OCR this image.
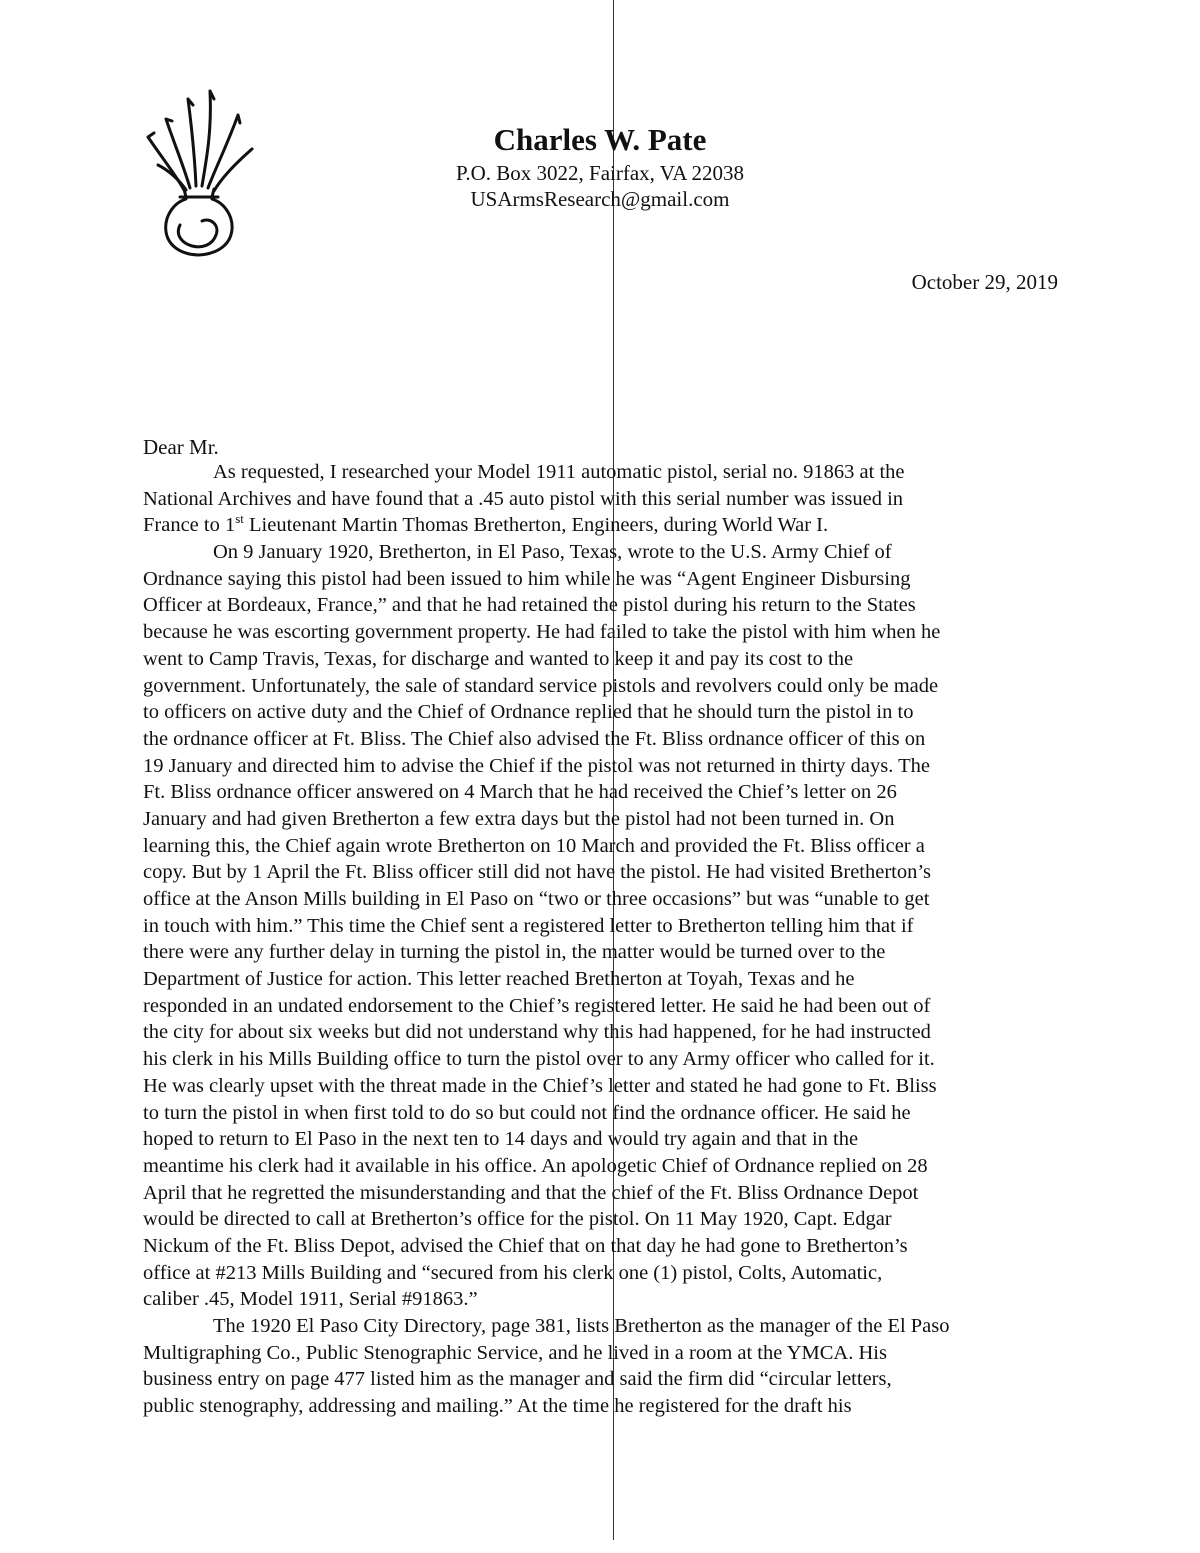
Charles W. Pate
P.O. Box 3022, Fairfax, VA 22038
USArmsResearch@gmail.com
October 29, 2019
Dear Mr.
As requested, I researched your Model 1911 automatic pistol, serial no. 91863 at the
National Archives and have found that a .45 auto pistol with this serial number was issued in
France to 1st Lieutenant Martin Thomas Bretherton, Engineers, during World War I.
On 9 January 1920, Bretherton, in El Paso, Texas, wrote to the U.S. Army Chief of
Ordnance saying this pistol had been issued to him while he was “Agent Engineer Disbursing
Officer at Bordeaux, France,” and that he had retained the pistol during his return to the States
because he was escorting government property. He had failed to take the pistol with him when he
went to Camp Travis, Texas, for discharge and wanted to keep it and pay its cost to the
government. Unfortunately, the sale of standard service pistols and revolvers could only be made
to officers on active duty and the Chief of Ordnance replied that he should turn the pistol in to
the ordnance officer at Ft. Bliss. The Chief also advised the Ft. Bliss ordnance officer of this on
19 January and directed him to advise the Chief if the pistol was not returned in thirty days. The
Ft. Bliss ordnance officer answered on 4 March that he had received the Chief’s letter on 26
January and had given Bretherton a few extra days but the pistol had not been turned in. On
learning this, the Chief again wrote Bretherton on 10 March and provided the Ft. Bliss officer a
copy. But by 1 April the Ft. Bliss officer still did not have the pistol. He had visited Bretherton’s
office at the Anson Mills building in El Paso on “two or three occasions” but was “unable to get
in touch with him.” This time the Chief sent a registered letter to Bretherton telling him that if
there were any further delay in turning the pistol in, the matter would be turned over to the
Department of Justice for action. This letter reached Bretherton at Toyah, Texas and he
responded in an undated endorsement to the Chief’s registered letter. He said he had been out of
the city for about six weeks but did not understand why this had happened, for he had instructed
his clerk in his Mills Building office to turn the pistol over to any Army officer who called for it.
He was clearly upset with the threat made in the Chief’s letter and stated he had gone to Ft. Bliss
to turn the pistol in when first told to do so but could not find the ordnance officer. He said he
hoped to return to El Paso in the next ten to 14 days and would try again and that in the
meantime his clerk had it available in his office. An apologetic Chief of Ordnance replied on 28
April that he regretted the misunderstanding and that the chief of the Ft. Bliss Ordnance Depot
would be directed to call at Bretherton’s office for the pistol. On 11 May 1920, Capt. Edgar
Nickum of the Ft. Bliss Depot, advised the Chief that on that day he had gone to Bretherton’s
office at #213 Mills Building and “secured from his clerk one (1) pistol, Colts, Automatic,
caliber .45, Model 1911, Serial #91863.”
The 1920 El Paso City Directory, page 381, lists Bretherton as the manager of the El Paso
Multigraphing Co., Public Stenographic Service, and he lived in a room at the YMCA. His
business entry on page 477 listed him as the manager and said the firm did “circular letters,
public stenography, addressing and mailing.” At the time he registered for the draft his
